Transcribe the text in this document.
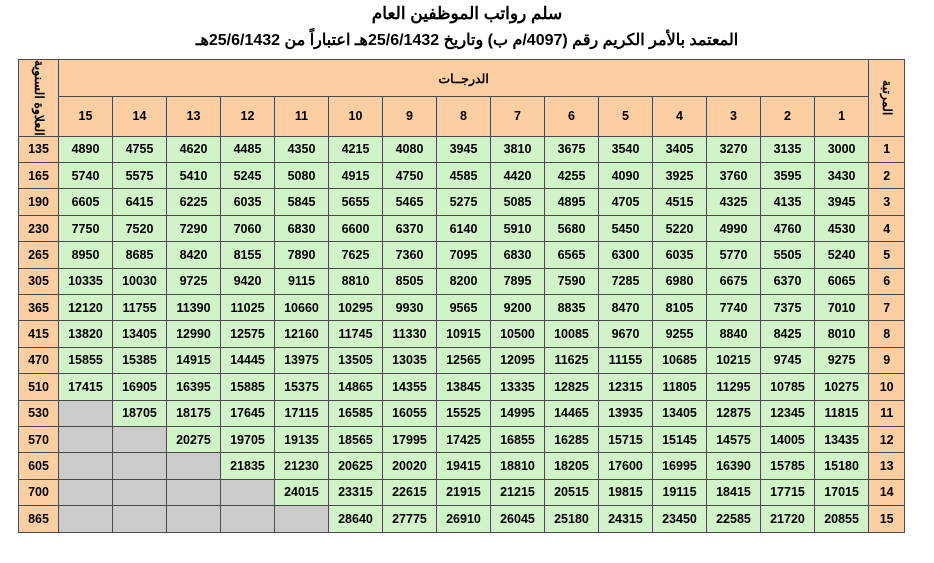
سلم رواتب الموظفين العام
المعتمد بالأمر الكريم رقم (4097/م ب) وتاريخ 25/6/1432هـ اعتباراً من 25/6/1432هـ
العلاوة السنوية	الدرجــات															المرتبة
	15	14	13	12	11	10	9	8	7	6	5	4	3	2	1	
135	4890	4755	4620	4485	4350	4215	4080	3945	3810	3675	3540	3405	3270	3135	3000	1
165	5740	5575	5410	5245	5080	4915	4750	4585	4420	4255	4090	3925	3760	3595	3430	2
190	6605	6415	6225	6035	5845	5655	5465	5275	5085	4895	4705	4515	4325	4135	3945	3
230	7750	7520	7290	7060	6830	6600	6370	6140	5910	5680	5450	5220	4990	4760	4530	4
265	8950	8685	8420	8155	7890	7625	7360	7095	6830	6565	6300	6035	5770	5505	5240	5
305	10335	10030	9725	9420	9115	8810	8505	8200	7895	7590	7285	6980	6675	6370	6065	6
365	12120	11755	11390	11025	10660	10295	9930	9565	9200	8835	8470	8105	7740	7375	7010	7
415	13820	13405	12990	12575	12160	11745	11330	10915	10500	10085	9670	9255	8840	8425	8010	8
470	15855	15385	14915	14445	13975	13505	13035	12565	12095	11625	11155	10685	10215	9745	9275	9
510	17415	16905	16395	15885	15375	14865	14355	13845	13335	12825	12315	11805	11295	10785	10275	10
530		18705	18175	17645	17115	16585	16055	15525	14995	14465	13935	13405	12875	12345	11815	11
570			20275	19705	19135	18565	17995	17425	16855	16285	15715	15145	14575	14005	13435	12
605				21835	21230	20625	20020	19415	18810	18205	17600	16995	16390	15785	15180	13
700					24015	23315	22615	21915	21215	20515	19815	19115	18415	17715	17015	14
865						28640	27775	26910	26045	25180	24315	23450	22585	21720	20855	15
